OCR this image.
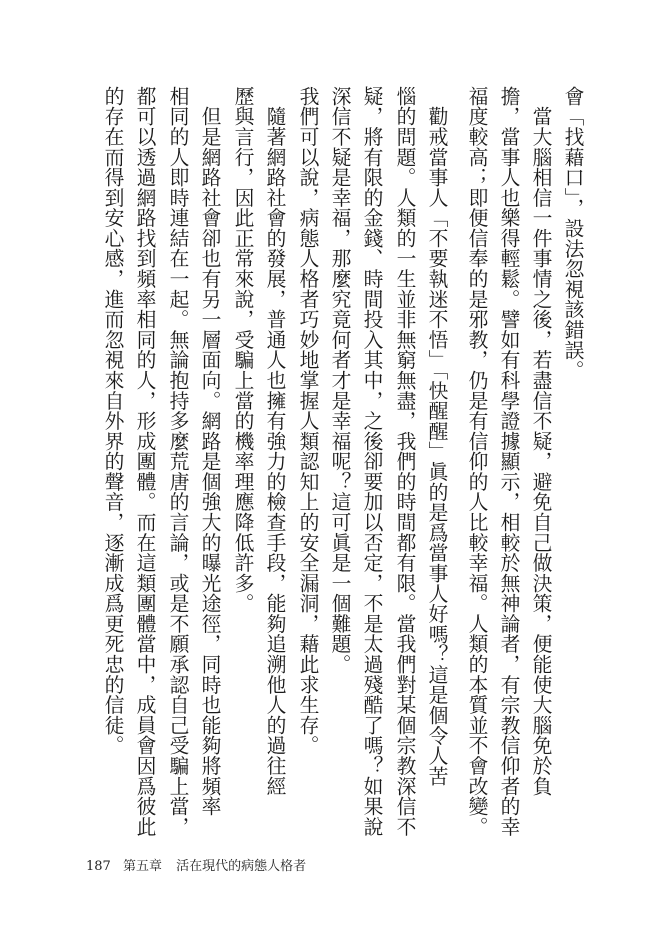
會「找藉口」，設法忽視該錯誤。
　當大腦相信一件事情之後，若盡信不疑，避免自己做決策，便能使大腦免於負
擔，當事人也樂得輕鬆。譬如有科學證據顯示，相較於無神論者，有宗教信仰者的幸
福度較高；即便信奉的是邪教，仍是有信仰的人比較幸福。人類的本質並不會改變。
　勸戒當事人「不要執迷不悟」「快醒醒」眞的是爲當事人好嗎？這是個令人苦
惱的問題。人類的一生並非無窮無盡，我們的時間都有限。當我們對某個宗教深信不
疑，將有限的金錢、時間投入其中，之後卻要加以否定，不是太過殘酷了嗎？如果說
深信不疑是幸福，那麼究竟何者才是幸福呢？這可眞是一個難題。
我們可以說，病態人格者巧妙地掌握人類認知上的安全漏洞，藉此求生存。
　隨著網路社會的發展，普通人也擁有強力的檢查手段，能夠追溯他人的過往經
歷與言行，因此正常來說，受騙上當的機率理應降低許多。
　但是網路社會卻也有另一層面向。網路是個強大的曝光途徑，同時也能夠將頻率
相同的人即時連結在一起。無論抱持多麼荒唐的言論，或是不願承認自己受騙上當，
都可以透過網路找到頻率相同的人，形成團體。而在這類團體當中，成員會因爲彼此
的存在而得到安心感，進而忽視來自外界的聲音，逐漸成爲更死忠的信徒。
187 第五章 活在現代的病態人格者
